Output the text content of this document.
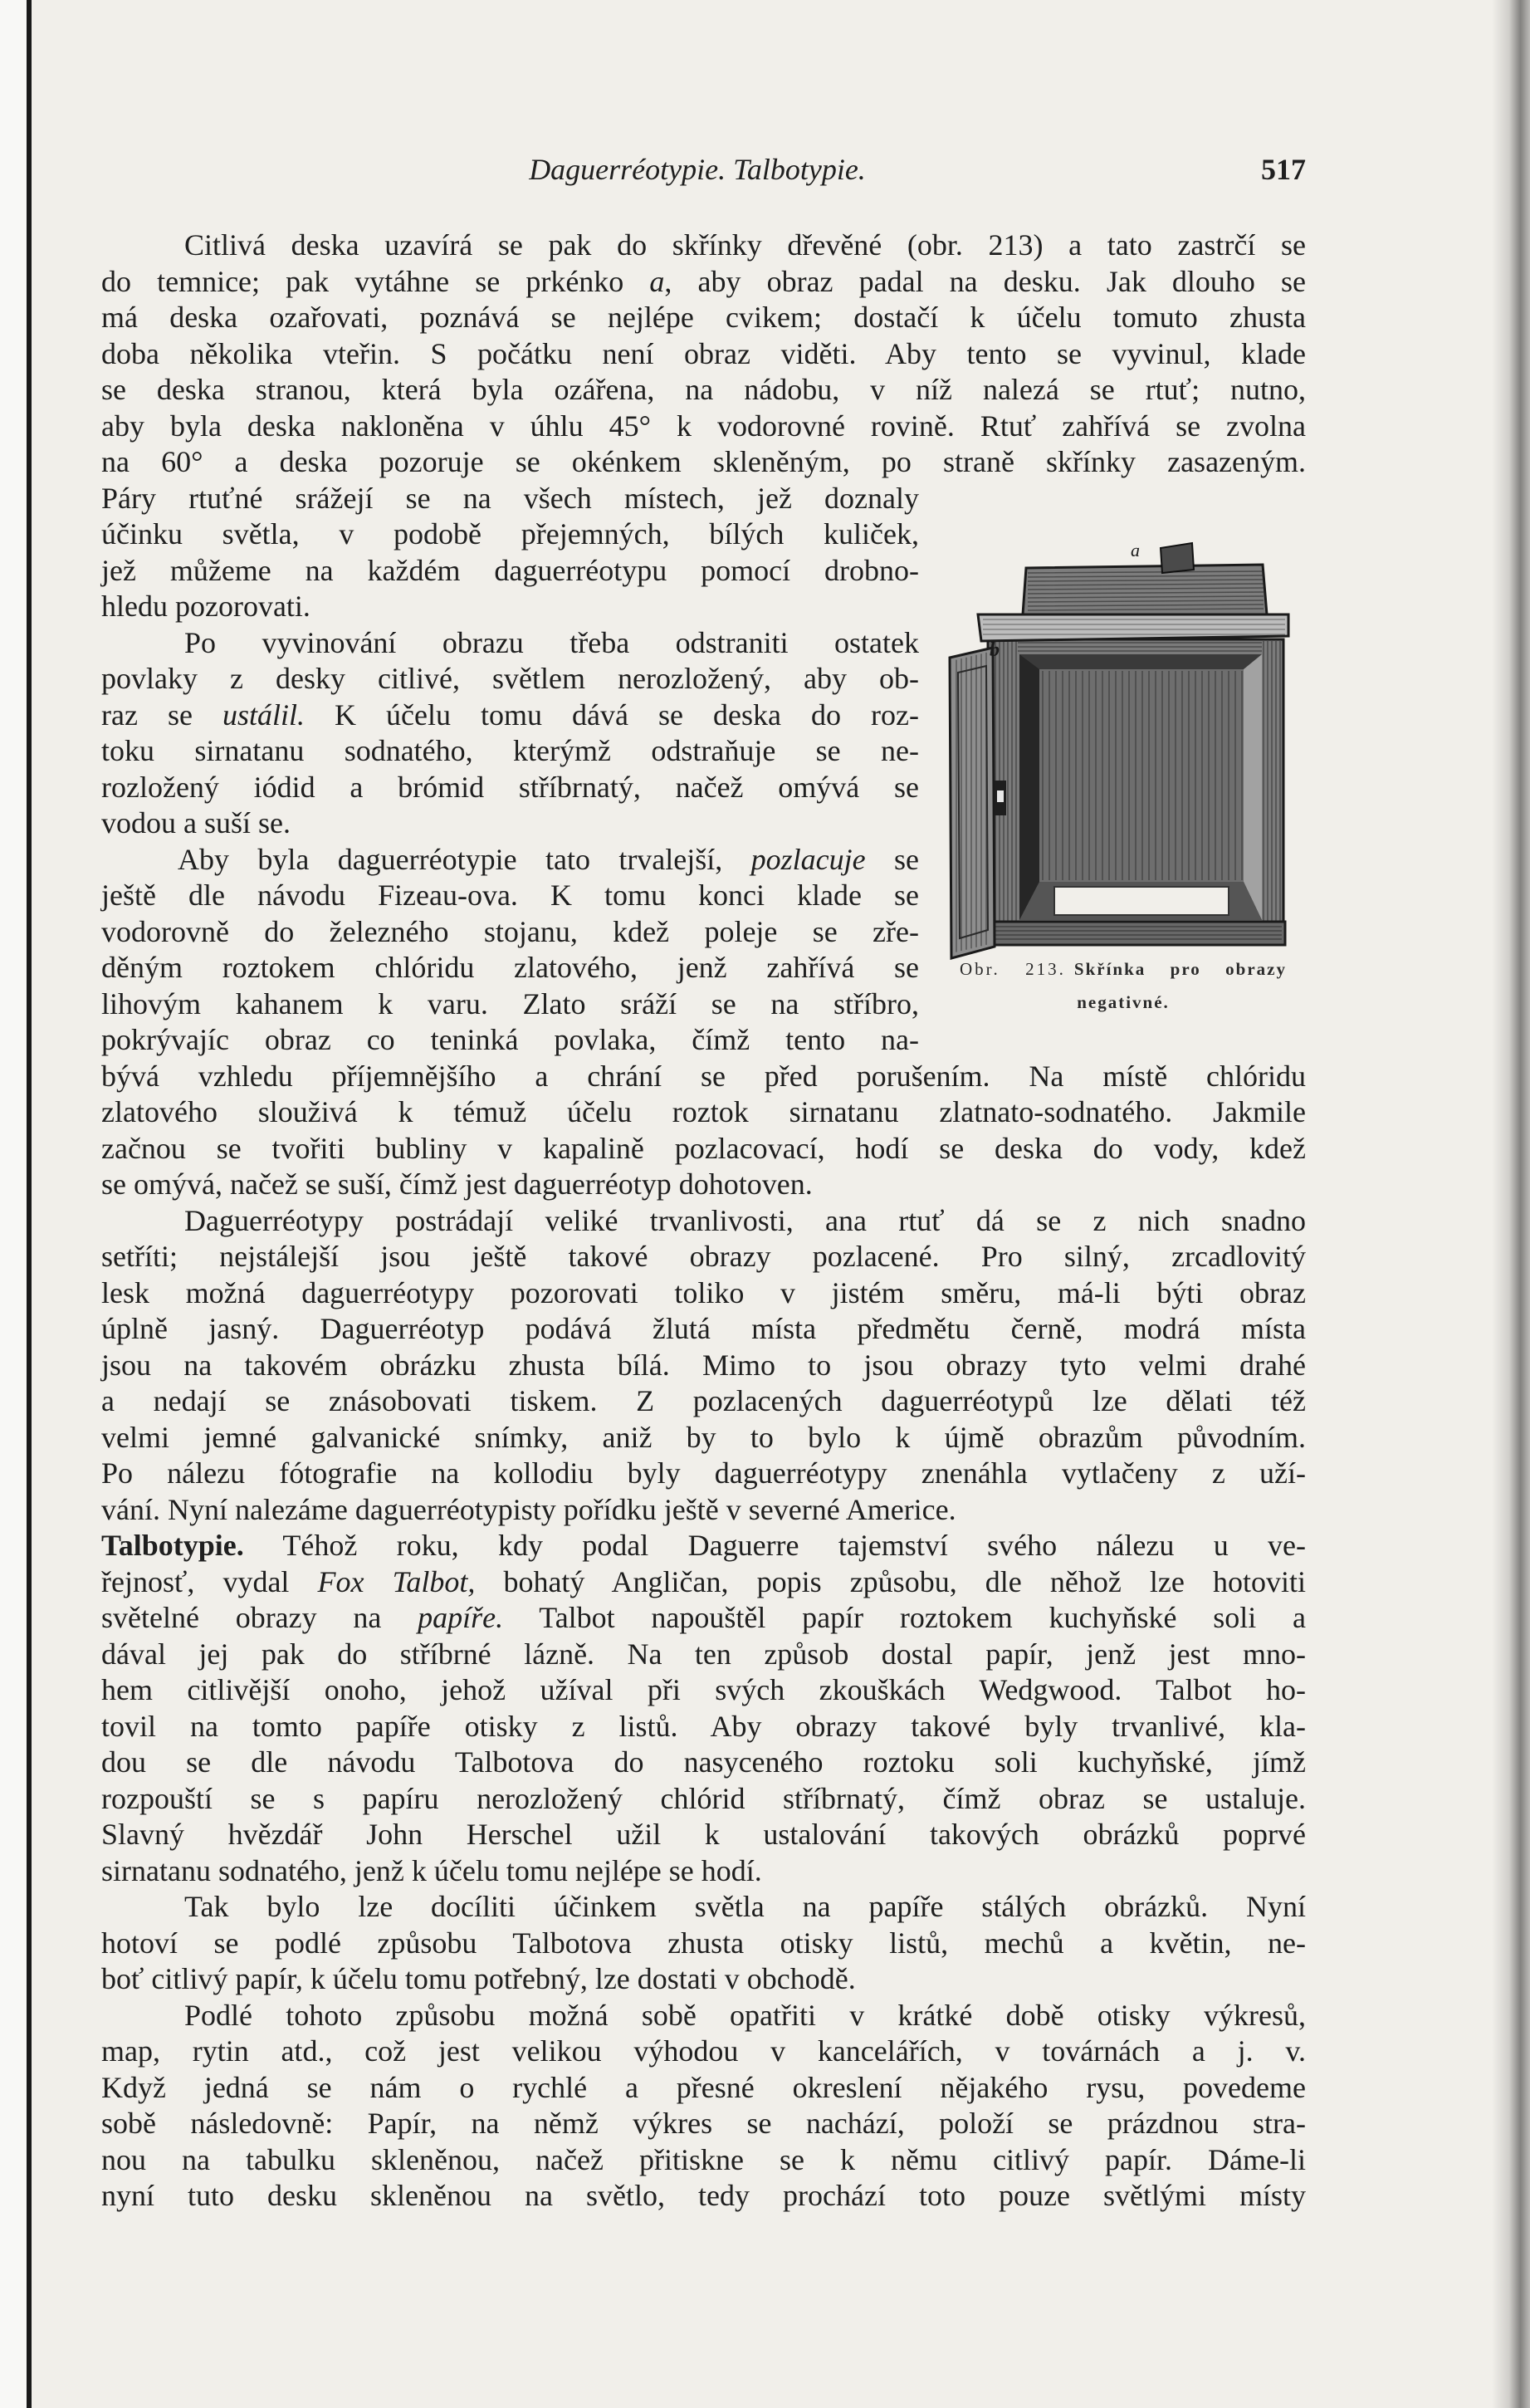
Daguerréotypie. Talbotypie.	517
Citlivá deska uzavírá se pak do skřínky dřevěné (obr. 213) a tato zastrčí se
do temnice; pak vytáhne se prkénko a, aby obraz padal na desku. Jak dlouho se
má deska ozařovati, poznává se nejlépe cvikem; dostačí k účelu tomuto zhusta
doba několika vteřin. S počátku není obraz viděti. Aby tento se vyvinul, klade
se deska stranou, která byla ozářena, na nádobu, v níž nalezá se rtuť; nutno,
aby byla deska nakloněna v úhlu 45° k vodorovné rovině. Rtuť zahřívá se zvolna
na 60° a deska pozoruje se okénkem skleněným, po straně skřínky zasazeným.
Páry rtuťné srážejí se na všech místech, jež doznaly
účinku světla, v podobě přejemných, bílých kuliček,
jež můžeme na každém daguerréotypu pomocí drobno-
hledu pozorovati.
Po vyvinování obrazu třeba odstraniti ostatek
povlaky z desky citlivé, světlem nerozložený, aby ob-
raz se ustálil. K účelu tomu dává se deska do roz-
toku sirnatanu sodnatého, kterýmž odstraňuje se ne-
rozložený iódid a brómid stříbrnatý, načež omývá se
vodou a suší se.
Aby byla daguerréotypie tato trvalejší, pozlacuje se
ještě dle návodu Fizeau-ova. K tomu konci klade se
vodorovně do železného stojanu, kdež poleje se zře-
děným roztokem chlóridu zlatového, jenž zahřívá se
lihovým kahanem k varu. Zlato sráží se na stříbro,
pokrývajíc obraz co teninká povlaka, čímž tento na-
bývá vzhledu příjemnějšího a chrání se před porušením. Na místě chlóridu
zlatového slouživá k témuž účelu roztok sirnatanu zlatnato-sodnatého. Jakmile
začnou se tvořiti bubliny v kapalině pozlacovací, hodí se deska do vody, kdež
se omývá, načež se suší, čímž jest daguerréotyp dohotoven.
Daguerréotypy postrádají veliké trvanlivosti, ana rtuť dá se z nich snadno
setříti; nejstálejší jsou ještě takové obrazy pozlacené. Pro silný, zrcadlovitý
lesk možná daguerréotypy pozorovati toliko v jistém směru, má-li býti obraz
úplně jasný. Daguerréotyp podává žlutá místa předmětu černě, modrá místa
jsou na takovém obrázku zhusta bílá. Mimo to jsou obrazy tyto velmi drahé
a nedají se znásobovati tiskem. Z pozlacených daguerréotypů lze dělati též
velmi jemné galvanické snímky, aniž by to bylo k újmě obrazům původním.
Po nálezu fótografie na kollodiu byly daguerréotypy znenáhla vytlačeny z uží-
vání. Nyní nalezáme daguerréotypisty pořídku ještě v severné Americe.
Talbotypie. Téhož roku, kdy podal Daguerre tajemství svého nálezu u ve-
řejnosť, vydal Fox Talbot, bohatý Angličan, popis způsobu, dle něhož lze hotoviti
světelné obrazy na papíře. Talbot napouštěl papír roztokem kuchyňské soli a
dával jej pak do stříbrné lázně. Na ten způsob dostal papír, jenž jest mno-
hem citlivější onoho, jehož užíval při svých zkouškách Wedgwood. Talbot ho-
tovil na tomto papíře otisky z listů. Aby obrazy takové byly trvanlivé, kla-
dou se dle návodu Talbotova do nasyceného roztoku soli kuchyňské, jímž
rozpouští se s papíru nerozložený chlórid stříbrnatý, čímž obraz se ustaluje.
Slavný hvězdář John Herschel užil k ustalování takových obrázků poprvé
sirnatanu sodnatého, jenž k účelu tomu nejlépe se hodí.
Tak bylo lze docíliti účinkem světla na papíře stálých obrázků. Nyní
hotoví se podlé způsobu Talbotova zhusta otisky listů, mechů a květin, ne-
boť citlivý papír, k účelu tomu potřebný, lze dostati v obchodě.
Podlé tohoto způsobu možná sobě opatřiti v krátké době otisky výkresů,
map, rytin atd., což jest velikou výhodou v kancelářích, v továrnách a j. v.
Když jedná se nám o rychlé a přesné okreslení nějakého rysu, povedeme
sobě následovně: Papír, na němž výkres se nachází, položí se prázdnou stra-
nou na tabulku skleněnou, načež přitiskne se k němu citlivý papír. Dáme-li
nyní tuto desku skleněnou na světlo, tedy prochází toto pouze světlými místy
a
b
Obr. 213. Skřínka pro obrazy
negativné.
